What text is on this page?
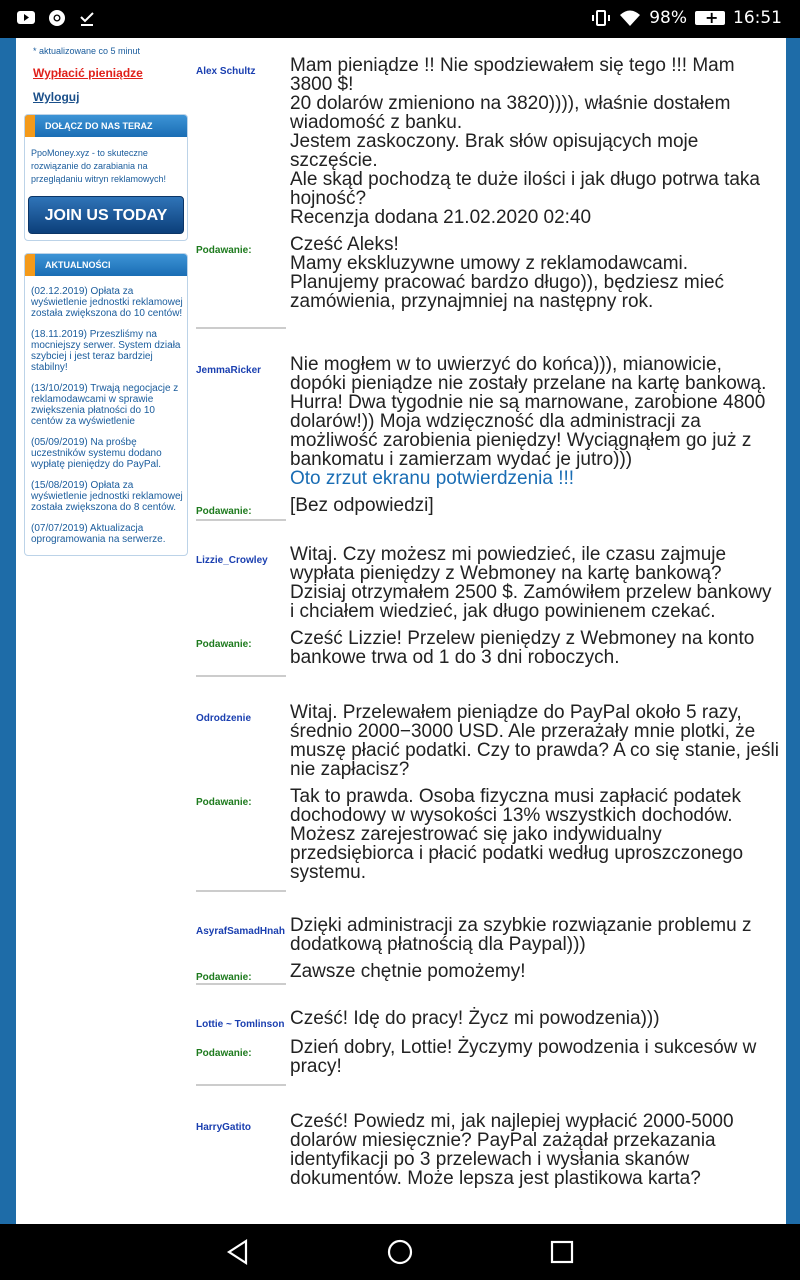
98%
+	16:51
* aktualizowane co 5 minut
Wypłacić pieniądze
Wyloguj
DOŁĄCZ DO NAS TERAZ
PpoMoney.xyz - to skuteczne rozwiązanie do zarabiania na przeglądaniu witryn reklamowych!
JOIN US TODAY
AKTUALNOŚCI
(02.12.2019) Opłata za wyświetlenie jednostki reklamowej została zwiększona do 10 centów!
(18.11.2019) Przeszliśmy na mocniejszy serwer. System działa szybciej i jest teraz bardziej stabilny!
(13/10/2019) Trwają negocjacje z reklamodawcami w sprawie zwiększenia płatności do 10 centów za wyświetlenie
(05/09/2019) Na prośbę uczestników systemu dodano wypłatę pieniędzy do PayPal.
(15/08/2019) Opłata za wyświetlenie jednostki reklamowej została zwiększona do 8 centów.
(07/07/2019) Aktualizacja oprogramowania na serwerze.
Alex Schultz	Mam pieniądze !! Nie spodziewałem się tego !!! Mam 3800 $!
20 dolarów zmieniono na 3820)))), właśnie dostałem wiadomość z banku.
Jestem zaskoczony. Brak słów opisujących moje szczęście.
Ale skąd pochodzą te duże ilości i jak długo potrwa taka hojność?
Recenzja dodana 21.02.2020 02:40
Podawanie:	Cześć Aleks!
Mamy ekskluzywne umowy z reklamodawcami. Planujemy pracować bardzo długo)), będziesz mieć zamówienia, przynajmniej na następny rok.
JemmaRicker	Nie mogłem w to uwierzyć do końca))), mianowicie, dopóki pieniądze nie zostały przelane na kartę bankową. Hurra! Dwa tygodnie nie są marnowane, zarobione 4800 dolarów!)) Moja wdzięczność dla administracji za możliwość zarobienia pieniędzy! Wyciągnąłem go już z bankomatu i zamierzam wydać je jutro)))
Oto zrzut ekranu potwierdzenia !!!
Podawanie:	[Bez odpowiedzi]
Lizzie_Crowley	Witaj. Czy możesz mi powiedzieć, ile czasu zajmuje wypłata pieniędzy z Webmoney na kartę bankową? Dzisiaj otrzymałem 2500 $. Zamówiłem przelew bankowy i chciałem wiedzieć, jak długo powinienem czekać.
Podawanie:	Cześć Lizzie! Przelew pieniędzy z Webmoney na konto bankowe trwa od 1 do 3 dni roboczych.
Odrodzenie	Witaj. Przelewałem pieniądze do PayPal około 5 razy, średnio 2000−3000 USD. Ale przerażały mnie plotki, że muszę płacić podatki. Czy to prawda? A co się stanie, jeśli nie zapłacisz?
Podawanie:	Tak to prawda. Osoba fizyczna musi zapłacić podatek dochodowy w wysokości 13% wszystkich dochodów. Możesz zarejestrować się jako indywidualny przedsiębiorca i płacić podatki według uproszczonego systemu.
AsyrafSamadHnah Dzięki administracji za szybkie rozwiązanie problemu z dodatkową płatnością dla Paypal)))
Podawanie:	Zawsze chętnie pomożemy!
Lottie ~ Tomlinson Cześć! Idę do pracy! Życz mi powodzenia)))
Podawanie:	Dzień dobry, Lottie! Życzymy powodzenia i sukcesów w pracy!
HarryGatito	Cześć! Powiedz mi, jak najlepiej wypłacić 2000-5000 dolarów miesięcznie? PayPal zażądał przekazania identyfikacji po 3 przelewach i wysłania skanów dokumentów. Może lepsza jest plastikowa karta?
